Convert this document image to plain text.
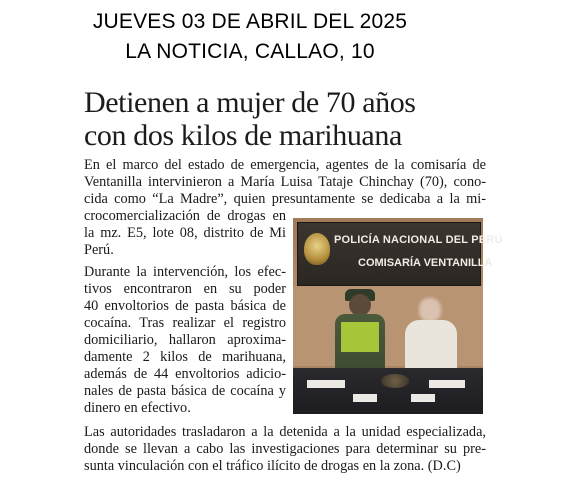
JUEVES 03 DE ABRIL DEL 2025
LA NOTICIA, CALLAO, 10
Detienen a mujer de 70 años
con dos kilos de marihuana
En el marco del estado de emergencia, agentes de la comisaría de
Ventanilla intervinieron a María Luisa Tataje Chinchay (70), cono-
cida como “La Madre”, quien presuntamente se dedicaba a la mi-
crocomercialización de drogas en
la mz. E5, lote 08, distrito de Mi
Perú.
Durante la intervención, los efec-
tivos encontraron en su poder
40 envoltorios de pasta básica de
cocaína. Tras realizar el registro
domiciliario, hallaron aproxima-
damente 2 kilos de marihuana,
además de 44 envoltorios adicio-
nales de pasta básica de cocaína y
dinero en efectivo.
Las autoridades trasladaron a la detenida a la unidad especializada,
donde se llevan a cabo las investigaciones para determinar su pre-
sunta vinculación con el tráfico ilícito de drogas en la zona. (D.C)
POLICÍA NACIONAL DEL PERÚ
COMISARÍA VENTANILLA
